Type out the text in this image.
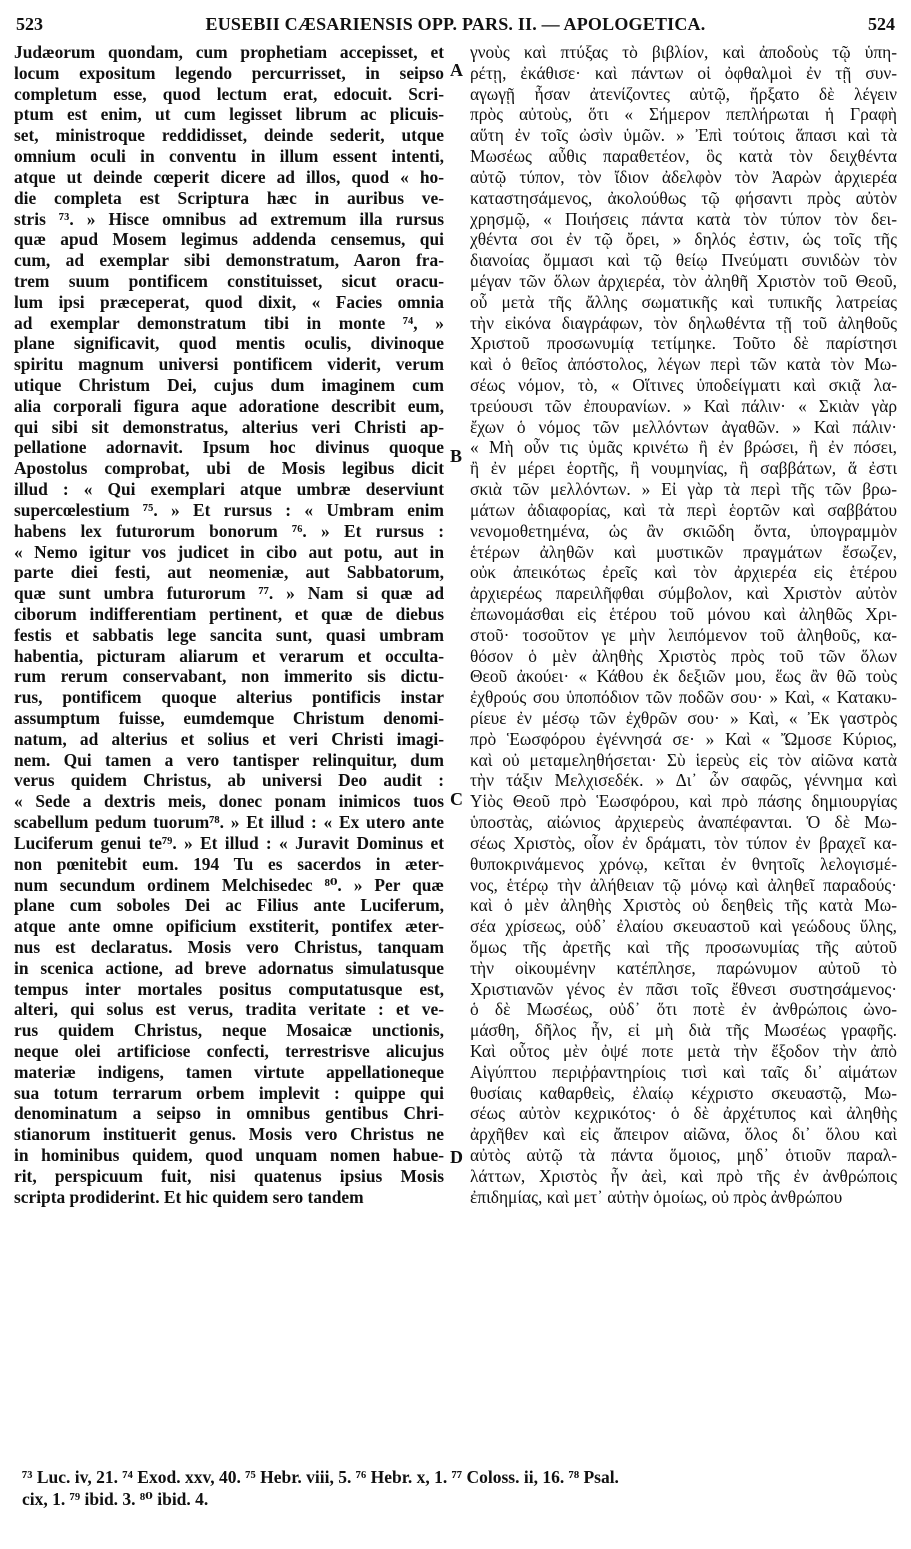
523	EUSEBII CÆSARIENSIS OPP. PARS. II. — APOLOGETICA.	524
Judæorum quondam, cum prophetiam accepisset, et
locum expositum legendo percurrisset, in seipso
completum esse, quod lectum erat, edocuit. Scri-
ptum est enim, ut cum legisset librum ac plicuis-
set, ministroque reddidisset, deinde sederit, utque
omnium oculi in conventu in illum essent intenti,
atque ut deinde cœperit dicere ad illos, quod « ho-
die completa est Scriptura hæc in auribus ve-
stris ⁷³. » Hisce omnibus ad extremum illa rursus
quæ apud Mosem legimus addenda censemus, qui
cum, ad exemplar sibi demonstratum, Aaron fra-
trem suum pontificem constituisset, sicut oracu-
lum ipsi præceperat, quod dixit, « Facies omnia
ad exemplar demonstratum tibi in monte ⁷⁴, »
plane significavit, quod mentis oculis, divinoque
spiritu magnum universi pontificem viderit, verum
utique Christum Dei, cujus dum imaginem cum
alia corporali figura aque adoratione describit eum,
qui sibi sit demonstratus, alterius veri Christi ap-
pellatione adornavit. Ipsum hoc divinus quoque
Apostolus comprobat, ubi de Mosis legibus dicit
illud : « Qui exemplari atque umbræ deserviunt
supercœlestium ⁷⁵. » Et rursus : « Umbram enim
habens lex futurorum bonorum ⁷⁶. » Et rursus :
« Nemo igitur vos judicet in cibo aut potu, aut in
parte diei festi, aut neomeniæ, aut Sabbatorum,
quæ sunt umbra futurorum ⁷⁷. » Nam si quæ ad
ciborum indifferentiam pertinent, et quæ de diebus
festis et sabbatis lege sancita sunt, quasi umbram
habentia, picturam aliarum et verarum et occulta-
rum rerum conservabant, non immerito sis dictu-
rus, pontificem quoque alterius pontificis instar
assumptum fuisse, eumdemque Christum denomi-
natum, ad alterius et solius et veri Christi imagi-
nem. Qui tamen a vero tantisper relinquitur, dum
verus quidem Christus, ab universi Deo audit :
« Sede a dextris meis, donec ponam inimicos tuos
scabellum pedum tuorum⁷⁸. » Et illud : « Ex utero ante
Luciferum genui te⁷⁹. » Et illud : « Juravit Dominus et
non pœnitebit eum. 194 Tu es sacerdos in æter-
num secundum ordinem Melchisedec ⁸⁰. » Per quæ
plane cum soboles Dei ac Filius ante Luciferum,
atque ante omne opificium exstiterit, pontifex æter-
nus est declaratus. Mosis vero Christus, tanquam
in scenica actione, ad breve adornatus simulatusque
tempus inter mortales positus computatusque est,
alteri, qui solus est verus, tradita veritate : et ve-
rus quidem Christus, neque Mosaicæ unctionis,
neque olei artificiose confecti, terrestrisve alicujus
materiæ indigens, tamen virtute appellationeque
sua totum terrarum orbem implevit : quippe qui
denominatum a seipso in omnibus gentibus Chri-
stianorum instituerit genus. Mosis vero Christus ne
in hominibus quidem, quod unquam nomen habue-
rit, perspicuum fuit, nisi quatenus ipsius Mosis
scripta prodiderint. Et hic quidem sero tandem
A
B
C
D
γνοὺς καὶ πτύξας τὸ βιβλίον, καὶ ἀποδοὺς τῷ ὑπη-
ρέτῃ, ἐκάθισε· καὶ πάντων οἱ ὀφθαλμοὶ ἐν τῇ συν-
αγωγῇ ἦσαν ἀτενίζοντες αὐτῷ, ἤρξατο δὲ λέγειν
πρὸς αὐτοὺς, ὅτι « Σήμερον πεπλήρωται ἡ Γραφὴ
αὕτη ἐν τοῖς ὠσὶν ὑμῶν. » Ἐπὶ τούτοις ἅπασι καὶ τὰ
Μωσέως αὖθις παραθετέον, ὃς κατὰ τὸν δειχθέντα
αὐτῷ τύπον, τὸν ἴδιον ἀδελφὸν τὸν Ἀαρὼν ἀρχιερέα
καταστησάμενος, ἀκολούθως τῷ φήσαντι πρὸς αὐτὸν
χρησμῷ, « Ποιήσεις πάντα κατὰ τὸν τύπον τὸν δει-
χθέντα σοι ἐν τῷ ὄρει, » δηλός ἐστιν, ὡς τοῖς τῆς
διανοίας ὄμμασι καὶ τῷ θείῳ Πνεύματι συνιδὼν τὸν
μέγαν τῶν ὅλων ἀρχιερέα, τὸν ἀληθῆ Χριστὸν τοῦ Θεοῦ,
οὗ μετὰ τῆς ἄλλης σωματικῆς καὶ τυπικῆς λατρείας
τὴν εἰκόνα διαγράφων, τὸν δηλωθέντα τῇ τοῦ ἀληθοῦς
Χριστοῦ προσωνυμίᾳ τετίμηκε. Τοῦτο δὲ παρίστησι
καὶ ὁ θεῖος ἀπόστολος, λέγων περὶ τῶν κατὰ τὸν Μω-
σέως νόμον, τὸ, « Οἵτινες ὑποδείγματι καὶ σκιᾷ λα-
τρεύουσι τῶν ἐπουρανίων. » Καὶ πάλιν· « Σκιὰν γὰρ
ἔχων ὁ νόμος τῶν μελλόντων ἀγαθῶν. » Καὶ πάλιν·
« Μὴ οὖν τις ὑμᾶς κρινέτω ἢ ἐν βρώσει, ἢ ἐν πόσει,
ἢ ἐν μέρει ἑορτῆς, ἢ νουμηνίας, ἢ σαββάτων, ἅ ἐστι
σκιὰ τῶν μελλόντων. » Εἰ γὰρ τὰ περὶ τῆς τῶν βρω-
μάτων ἀδιαφορίας, καὶ τὰ περὶ ἑορτῶν καὶ σαββάτου
νενομοθετημένα, ὡς ἂν σκιῶδη ὄντα, ὑπογραμμὸν
ἑτέρων ἀληθῶν καὶ μυστικῶν πραγμάτων ἔσωζεν,
οὐκ ἀπεικότως ἐρεῖς καὶ τὸν ἀρχιερέα εἰς ἑτέρου
ἀρχιερέως παρειλῆφθαι σύμβολον, καὶ Χριστὸν αὐτὸν
ἐπωνομάσθαι εἰς ἑτέρου τοῦ μόνου καὶ ἀληθῶς Χρι-
στοῦ· τοσοῦτον γε μὴν λειπόμενον τοῦ ἀληθοῦς, κα-
θόσον ὁ μὲν ἀληθὴς Χριστὸς πρὸς τοῦ τῶν ὅλων
Θεοῦ ἀκούει· « Κάθου ἐκ δεξιῶν μου, ἕως ἂν θῶ τοὺς
ἐχθρούς σου ὑποπόδιον τῶν ποδῶν σου· » Καὶ, « Κατακυ-
ρίευε ἐν μέσῳ τῶν ἐχθρῶν σου· » Καὶ, « Ἐκ γαστρὸς
πρὸ Ἑωσφόρου ἐγέννησά σε· » Καὶ « Ὤμοσε Κύριος,
καὶ οὐ μεταμεληθήσεται· Σὺ ἱερεὺς εἰς τὸν αἰῶνα κατὰ
τὴν τάξιν Μελχισεδέκ. » Δι᾽ ὧν σαφῶς, γέννημα καὶ
Υἱὸς Θεοῦ πρὸ Ἑωσφόρου, καὶ πρὸ πάσης δημιουργίας
ὑποστὰς, αἰώνιος ἀρχιερεὺς ἀναπέφανται. Ὁ δὲ Μω-
σέως Χριστὸς, οἷον ἐν δράματι, τὸν τύπον ἐν βραχεῖ κα-
θυποκρινάμενος χρόνῳ, κεῖται ἐν θνητοῖς λελογισμέ-
νος, ἑτέρῳ τὴν ἀλήθειαν τῷ μόνῳ καὶ ἀληθεῖ παραδούς·
καὶ ὁ μὲν ἀληθὴς Χριστὸς οὐ δεηθεὶς τῆς κατὰ Μω-
σέα χρίσεως, οὐδ᾽ ἐλαίου σκευαστοῦ καὶ γεώδους ὕλης,
ὅμως τῆς ἀρετῆς καὶ τῆς προσωνυμίας τῆς αὐτοῦ
τὴν οἰκουμένην κατέπλησε, παρώνυμον αὐτοῦ τὸ
Χριστιανῶν γένος ἐν πᾶσι τοῖς ἔθνεσι συστησάμενος·
ὁ δὲ Μωσέως, οὐδ᾽ ὅτι ποτὲ ἐν ἀνθρώποις ὠνο-
μάσθη, δῆλος ἦν, εἰ μὴ διὰ τῆς Μωσέως γραφῆς.
Καὶ οὗτος μὲν ὀψέ ποτε μετὰ τὴν ἔξοδον τὴν ἀπὸ
Αἰγύπτου περιῤῥαντηρίοις τισὶ καὶ ταῖς δι᾽ αἱμάτων
θυσίαις καθαρθεὶς, ἐλαίῳ κέχριστο σκευαστῷ, Μω-
σέως αὐτὸν κεχρικότος· ὁ δὲ ἀρχέτυπος καὶ ἀληθὴς
ἀρχῆθεν καὶ εἰς ἄπειρον αἰῶνα, ὅλος δι᾽ ὅλου καὶ
αὐτὸς αὐτῷ τὰ πάντα ὅμοιος, μηδ᾽ ὁτιοῦν παραλ-
λάττων, Χριστὸς ἦν ἀεὶ, καὶ πρὸ τῆς ἐν ἀνθρώποις
ἐπιδημίας, καὶ μετ᾽ αὐτὴν ὁμοίως, οὐ πρὸς ἀνθρώπου
⁷³ Luc. iv, 21. ⁷⁴ Exod. xxv, 40. ⁷⁵ Hebr. viii, 5. ⁷⁶ Hebr. x, 1. ⁷⁷ Coloss. ii, 16. ⁷⁸ Psal.
cix, 1. ⁷⁹ ibid. 3. ⁸⁰ ibid. 4.
